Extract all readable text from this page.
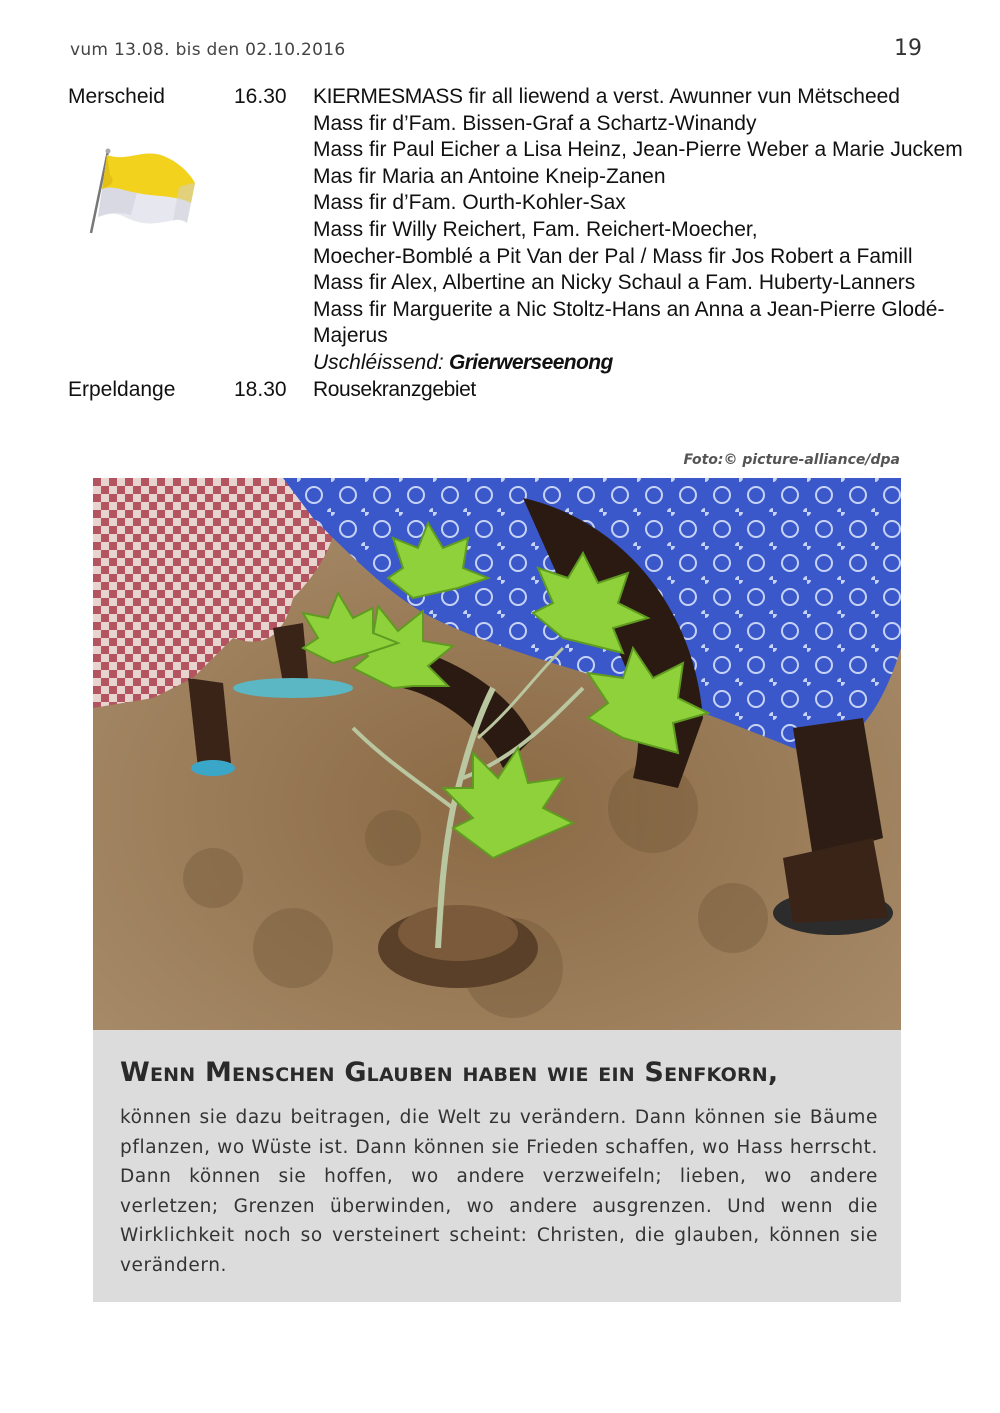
vum 13.08. bis den 02.10.2016	19
Merscheid	16.30 KIERMESMASS fir all liewend a verst. Awunner vun Mëtscheed
Mass fir d’Fam. Bissen-Graf a Schartz-Winandy
Mass fir Paul Eicher a Lisa Heinz, Jean-Pierre Weber a Marie Juckem
Mas fir Maria an Antoine Kneip-Zanen
Mass fir d’Fam. Ourth-Kohler-Sax
Mass fir Willy Reichert, Fam. Reichert-Moecher,
Moecher-Bomblé a Pit Van der Pal / Mass fir Jos Robert a Famill
Mass fir Alex, Albertine an Nicky Schaul a Fam. Huberty-Lanners
Mass fir Marguerite a Nic Stoltz-Hans an Anna a Jean-Pierre Glodé-
Majerus
Uschléissend: Grierwerseenong
Erpeldange	18.30 Rousekranzgebiet
Foto:© picture-alliance/dpa
Wenn Menschen Glauben haben wie ein Senfkorn,
können sie dazu beitragen, die Welt zu verändern. Dann können sie Bäume pflanzen, wo Wüste ist. Dann können sie Frieden schaffen, wo Hass herrscht. Dann können sie hoffen, wo andere verzweifeln; lieben, wo andere verletzen; Grenzen überwinden, wo andere ausgrenzen. Und wenn die Wirklichkeit noch so versteinert scheint: Christen, die glauben, können sie verändern.
